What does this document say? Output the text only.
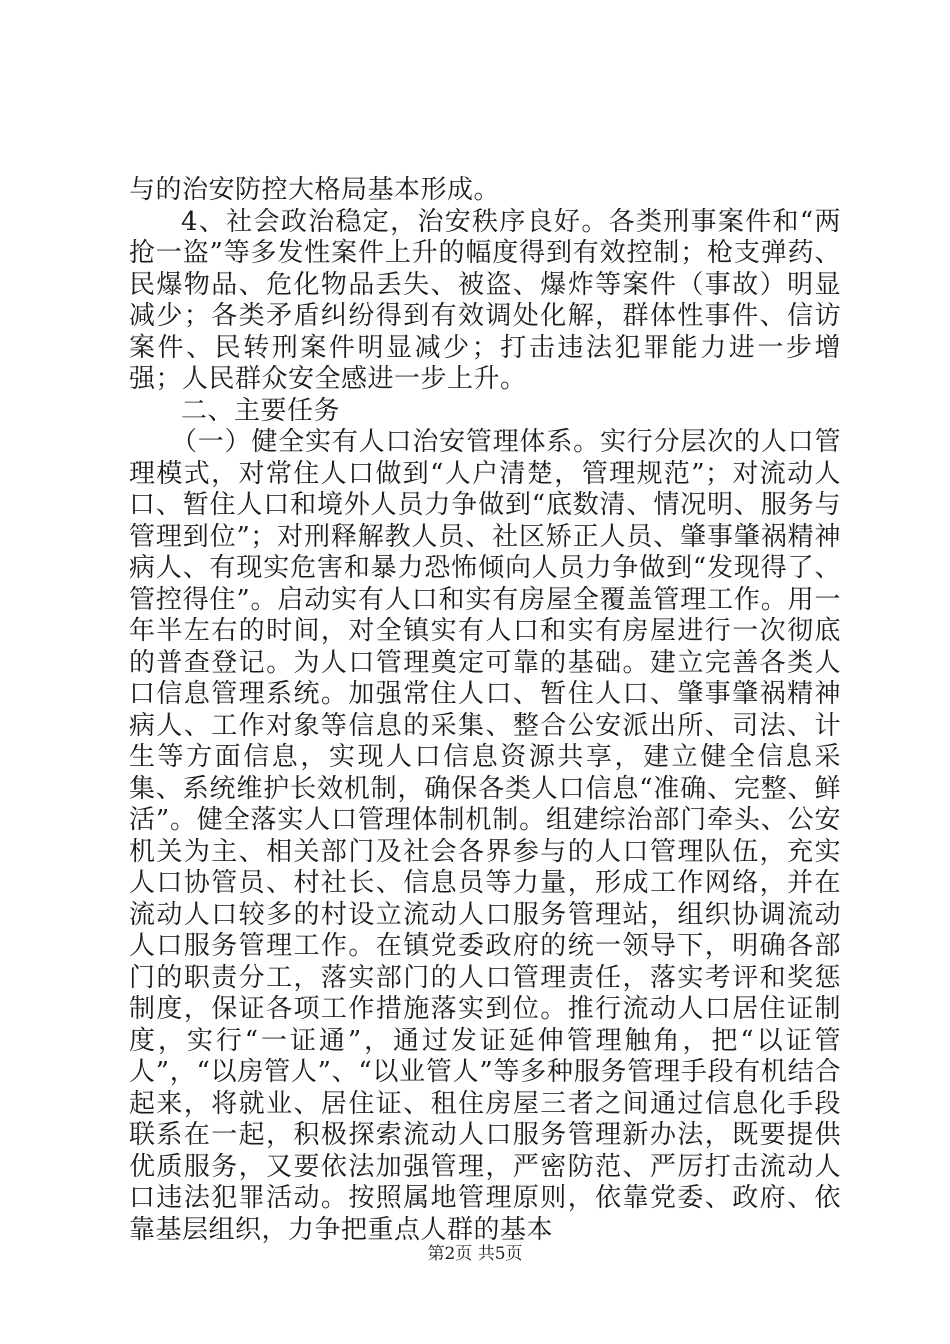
与的治安防控大格局基本形成。

4、社会政治稳定，治安秩序良好。各类刑事案件和“两抢一盗”等多发性案件上升的幅度得到有效控制；枪支弹药、民爆物品、危化物品丢失、被盗、爆炸等案件（事故）明显减少；各类矛盾纠纷得到有效调处化解，群体性事件、信访案件、民转刑案件明显减少；打击违法犯罪能力进一步增强；人民群众安全感进一步上升。

二、主要任务

（一）健全实有人口治安管理体系。实行分层次的人口管理模式，对常住人口做到“人户清楚，管理规范”；对流动人口、暂住人口和境外人员力争做到“底数清、情况明、服务与管理到位”；对刑释解教人员、社区矫正人员、肇事肇祸精神病人、有现实危害和暴力恐怖倾向人员力争做到“发现得了、管控得住”。启动实有人口和实有房屋全覆盖管理工作。用一年半左右的时间，对全镇实有人口和实有房屋进行一次彻底的普查登记。为人口管理奠定可靠的基础。建立完善各类人口信息管理系统。加强常住人口、暂住人口、肇事肇祸精神病人、工作对象等信息的采集、整合公安派出所、司法、计生等方面信息，实现人口信息资源共享，建立健全信息采集、系统维护长效机制，确保各类人口信息“准确、完整、鲜活”。健全落实人口管理体制机制。组建综治部门牵头、公安机关为主、相关部门及社会各界参与的人口管理队伍，充实人口协管员、村社长、信息员等力量，形成工作网络，并在流动人口较多的村设立流动人口服务管理站，组织协调流动人口服务管理工作。在镇党委政府的统一领导下，明确各部门的职责分工，落实部门的人口管理责任，落实考评和奖惩制度，保证各项工作措施落实到位。推行流动人口居住证制度，实行“一证通”，通过发证延伸管理触角，把“以证管人”，“以房管人”、“以业管人”等多种服务管理手段有机结合起来，将就业、居住证、租住房屋三者之间通过信息化手段联系在一起，积极探索流动人口服务管理新办法，既要提供优质服务，又要依法加强管理，严密防范、严厉打击流动人口违法犯罪活动。按照属地管理原则，依靠党委、政府、依靠基层组织，力争把重点人群的基本

第2页 共5页
